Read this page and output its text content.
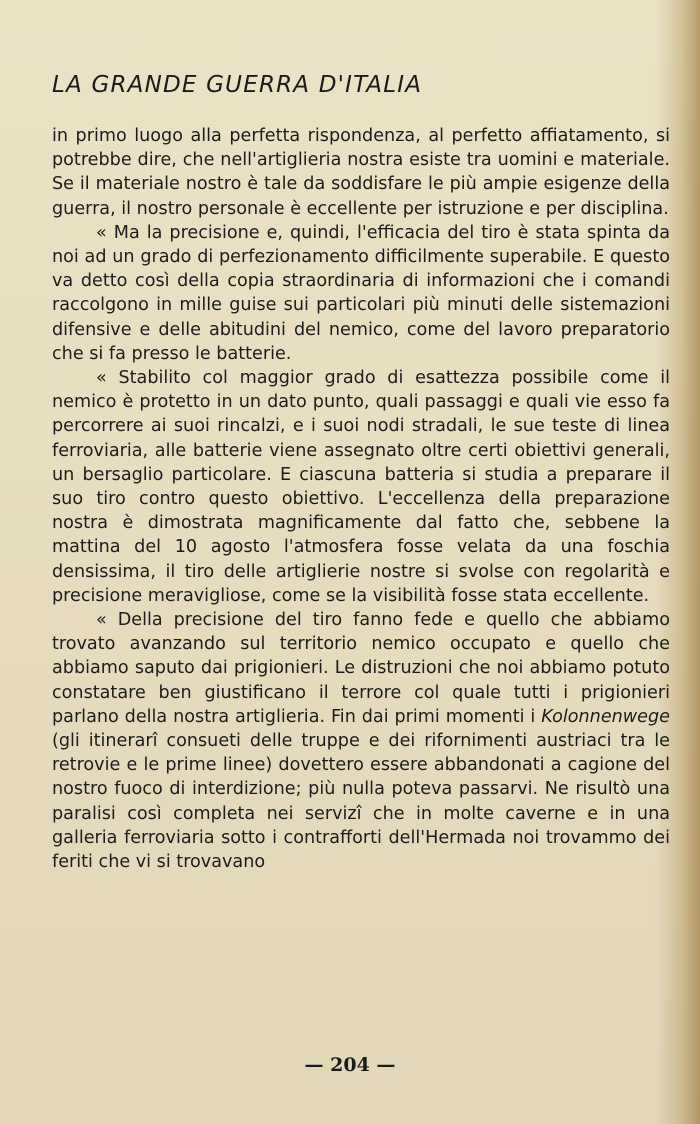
LA GRANDE GUERRA D'ITALIA

in primo luogo alla perfetta rispondenza, al perfetto affiatamento, si potrebbe dire, che nell'artiglieria nostra esiste tra uomini e materiale. Se il materiale nostro è tale da soddisfare le più ampie esigenze della guerra, il nostro personale è eccellente per istruzione e per disciplina.

« Ma la precisione e, quindi, l'efficacia del tiro è stata spinta da noi ad un grado di perfezionamento difficilmente superabile. E questo va detto così della copia straordinaria di informazioni che i comandi raccolgono in mille guise sui particolari più minuti delle sistemazioni difensive e delle abitudini del nemico, come del lavoro preparatorio che si fa presso le batterie.

« Stabilito col maggior grado di esattezza possibile come il nemico è protetto in un dato punto, quali passaggi e quali vie esso fa percorrere ai suoi rincalzi, e i suoi nodi stradali, le sue teste di linea ferroviaria, alle batterie viene assegnato oltre certi obiettivi generali, un bersaglio particolare. E ciascuna batteria si studia a preparare il suo tiro contro questo obiettivo. L'eccellenza della preparazione nostra è dimostrata magnificamente dal fatto che, sebbene la mattina del 10 agosto l'atmosfera fosse velata da una foschia densissima, il tiro delle artiglierie nostre si svolse con regolarità e precisione meravigliose, come se la visibilità fosse stata eccellente.

« Della precisione del tiro fanno fede e quello che abbiamo trovato avanzando sul territorio nemico occupato e quello che abbiamo saputo dai prigionieri. Le distruzioni che noi abbiamo potuto constatare ben giustificano il terrore col quale tutti i prigionieri parlano della nostra artiglieria. Fin dai primi momenti i Kolonnenwege (gli itinerarî consueti delle truppe e dei rifornimenti austriaci tra le retrovie e le prime linee) dovettero essere abbandonati a cagione del nostro fuoco di interdizione; più nulla poteva passarvi. Ne risultò una paralisi così completa nei servizî che in molte caverne e in una galleria ferroviaria sotto i contrafforti dell'Hermada noi trovammo dei feriti che vi si trovavano

— 204 —
